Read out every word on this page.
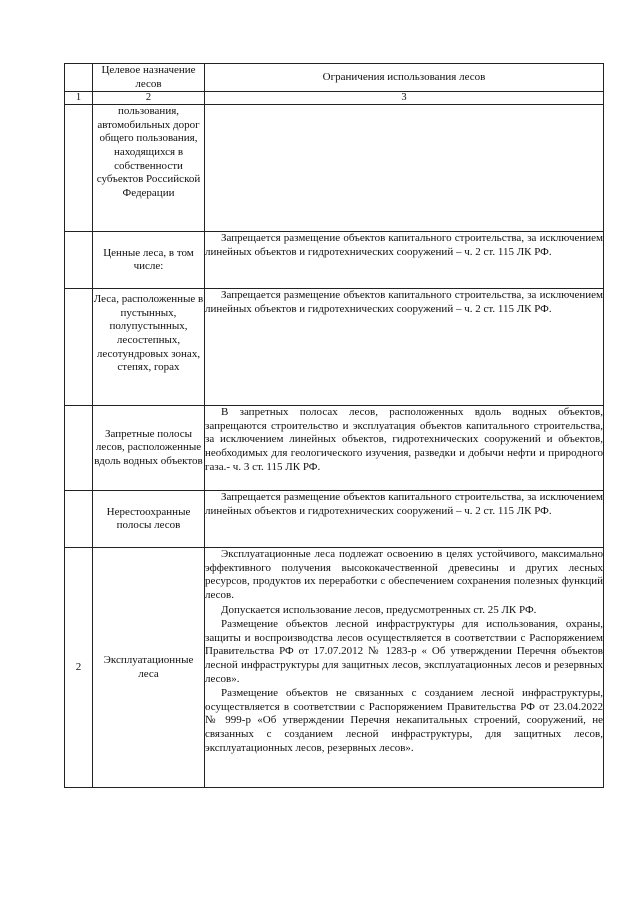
	Целевое назначение лесов	Ограничения использования лесов
1	2	3
	пользования, автомобильных дорог общего пользования, находящихся в собственности субъектов Российской Федерации	
	Ценные леса, в том числе:	Запрещается размещение объектов капитального строительства, за исключением линейных объектов и гидротехнических сооружений – ч. 2 ст. 115 ЛК РФ.

	Леса, расположенные в пустынных, полупустынных, лесостепных, лесотундровых зонах, степях, горах	Запрещается размещение объектов капитального строительства, за исключением линейных объектов и гидротехнических сооружений – ч. 2 ст. 115 ЛК РФ.

	Запретные полосы лесов, расположенные вдоль водных объектов	В запретных полосах лесов, расположенных вдоль водных объектов, запрещаются строительство и эксплуатация объектов капитального строительства, за исключением линейных объектов, гидротехнических сооружений и объектов, необходимых для геологического изучения, разведки и добычи нефти и природного газа.- ч. 3 ст. 115 ЛК РФ.

	Нерестоохранные полосы лесов	Запрещается размещение объектов капитального строительства, за исключением линейных объектов и гидротехнических сооружений – ч. 2 ст. 115 ЛК РФ.

2	Эксплуатационные леса	Эксплуатационные леса подлежат освоению в целях устойчивого, максимально эффективного получения высококачественной древесины и других лесных ресурсов, продуктов их переработки с обеспечением сохранения полезных функций лесов.

Допускается использование лесов, предусмотренных ст. 25 ЛК РФ.

Размещение объектов лесной инфраструктуры для использования, охраны, защиты и воспроизводства лесов осуществляется в соответствии с Распоряжением Правительства РФ от 17.07.2012 № 1283-р « Об утверждении Перечня объектов лесной инфраструктуры для защитных лесов, эксплуатационных лесов и резервных лесов».

Размещение объектов не связанных с созданием лесной инфраструктуры, осуществляется в соответствии с Распоряжением Правительства РФ от 23.04.2022 № 999-р «Об утверждении Перечня некапитальных строений, сооружений, не связанных с созданием лесной инфраструктуры, для защитных лесов, эксплуатационных лесов, резервных лесов».
